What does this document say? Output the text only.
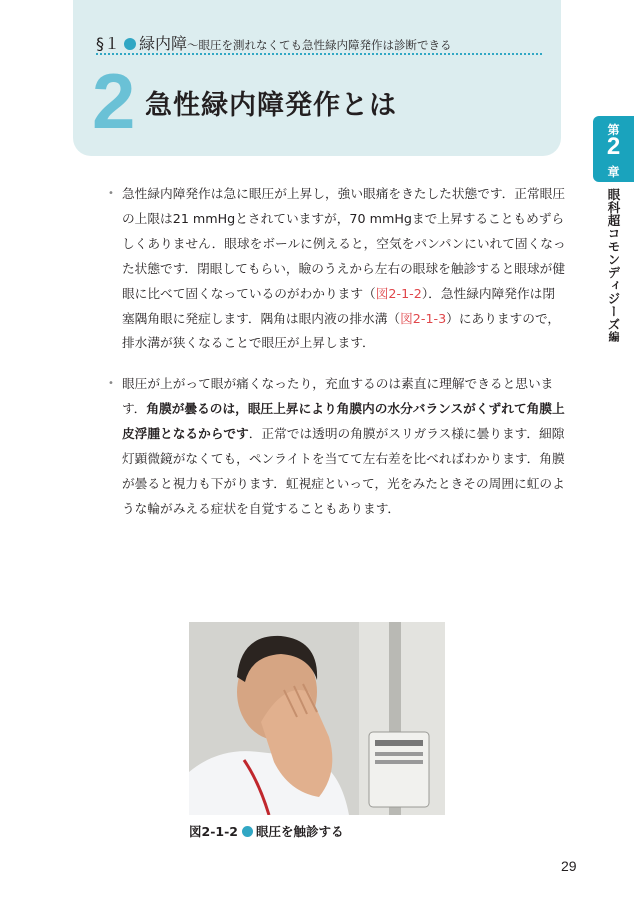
§１ 緑内障～眼圧を測れなくても急性緑内障発作は診断できる
2 急性緑内障発作とは
第
2
章
眼科超コモンディジーズ編
• 急性緑内障発作は急に眼圧が上昇し，強い眼痛をきたした状態です．正常眼圧の上限は21 mmHgとされていますが，70 mmHgまで上昇することもめずらしくありません．眼球をボールに例えると，空気をパンパンにいれて固くなった状態です．閉眼してもらい，瞼のうえから左右の眼球を触診すると眼球が健眼に比べて固くなっているのがわかります（図2-1-2）．急性緑内障発作は閉塞隅角眼に発症します．隅角は眼内液の排水溝（図2-1-3）にありますので，排水溝が狭くなることで眼圧が上昇します．
• 眼圧が上がって眼が痛くなったり，充血するのは素直に理解できると思います．角膜が曇るのは，眼圧上昇により角膜内の水分バランスがくずれて角膜上皮浮腫となるからです．正常では透明の角膜がスリガラス様に曇ります．細隙灯顕微鏡がなくても，ペンライトを当てて左右差を比べればわかります．角膜が曇ると視力も下がります．虹視症といって，光をみたときその周囲に虹のような輪がみえる症状を自覚することもあります．
図2-1-2 眼圧を触診する
29
